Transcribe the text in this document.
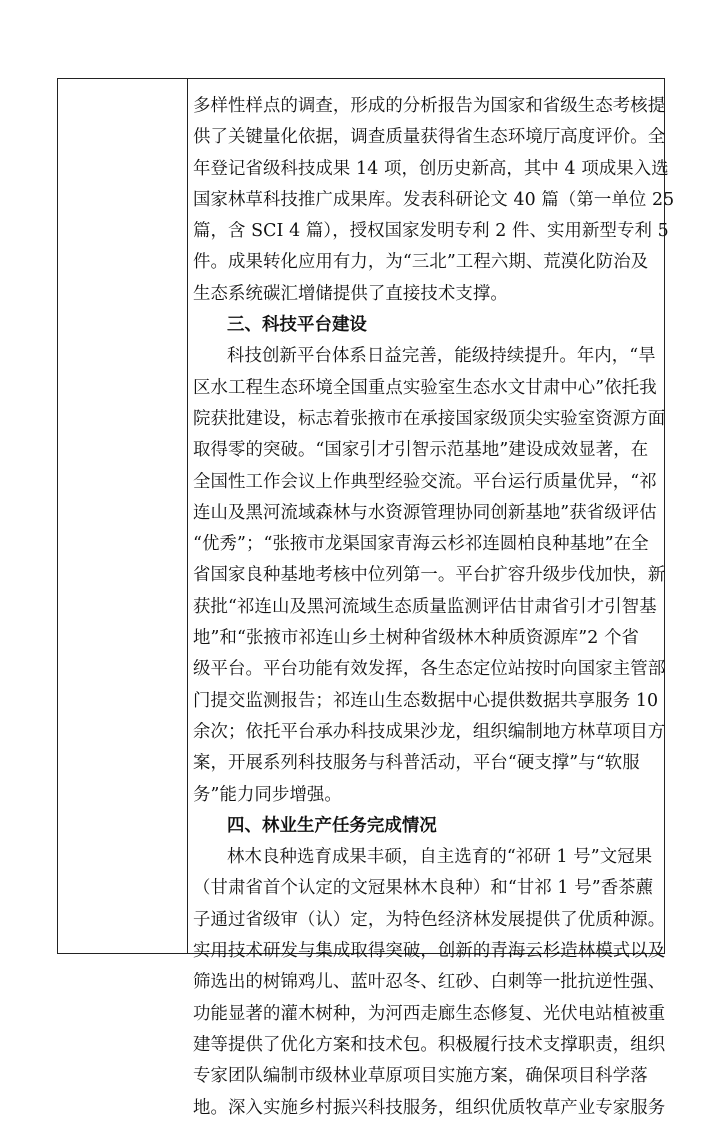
多样性样点的调查，形成的分析报告为国家和省级生态考核提
供了关键量化依据，调查质量获得省生态环境厅高度评价。全
年登记省级科技成果 14 项，创历史新高，其中 4 项成果入选
国家林草科技推广成果库。发表科研论文 40 篇（第一单位 25
篇，含 SCI 4 篇），授权国家发明专利 2 件、实用新型专利 5
件。成果转化应用有力，为“三北”工程六期、荒漠化防治及
生态系统碳汇增储提供了直接技术支撑。
三、科技平台建设
科技创新平台体系日益完善，能级持续提升。年内，“旱
区水工程生态环境全国重点实验室生态水文甘肃中心”依托我
院获批建设，标志着张掖市在承接国家级顶尖实验室资源方面
取得零的突破。“国家引才引智示范基地”建设成效显著，在
全国性工作会议上作典型经验交流。平台运行质量优异，“祁
连山及黑河流域森林与水资源管理协同创新基地”获省级评估
“优秀”；“张掖市龙渠国家青海云杉祁连圆柏良种基地”在全
省国家良种基地考核中位列第一。平台扩容升级步伐加快，新
获批“祁连山及黑河流域生态质量监测评估甘肃省引才引智基
地”和“张掖市祁连山乡土树种省级林木种质资源库”2 个省
级平台。平台功能有效发挥，各生态定位站按时向国家主管部
门提交监测报告；祁连山生态数据中心提供数据共享服务 10
余次；依托平台承办科技成果沙龙，组织编制地方林草项目方
案，开展系列科技服务与科普活动，平台“硬支撑”与“软服
务”能力同步增强。
四、林业生产任务完成情况
林木良种选育成果丰硕，自主选育的“祁研 1 号”文冠果
（甘肃省首个认定的文冠果林木良种）和“甘祁 1 号”香茶藨
子通过省级审（认）定，为特色经济林发展提供了优质种源。
实用技术研发与集成取得突破，创新的青海云杉造林模式以及
筛选出的树锦鸡儿、蓝叶忍冬、红砂、白刺等一批抗逆性强、
功能显著的灌木树种，为河西走廊生态修复、光伏电站植被重
建等提供了优化方案和技术包。积极履行技术支撑职责，组织
专家团队编制市级林业草原项目实施方案，确保项目科学落
地。深入实施乡村振兴科技服务，组织优质牧草产业专家服务
